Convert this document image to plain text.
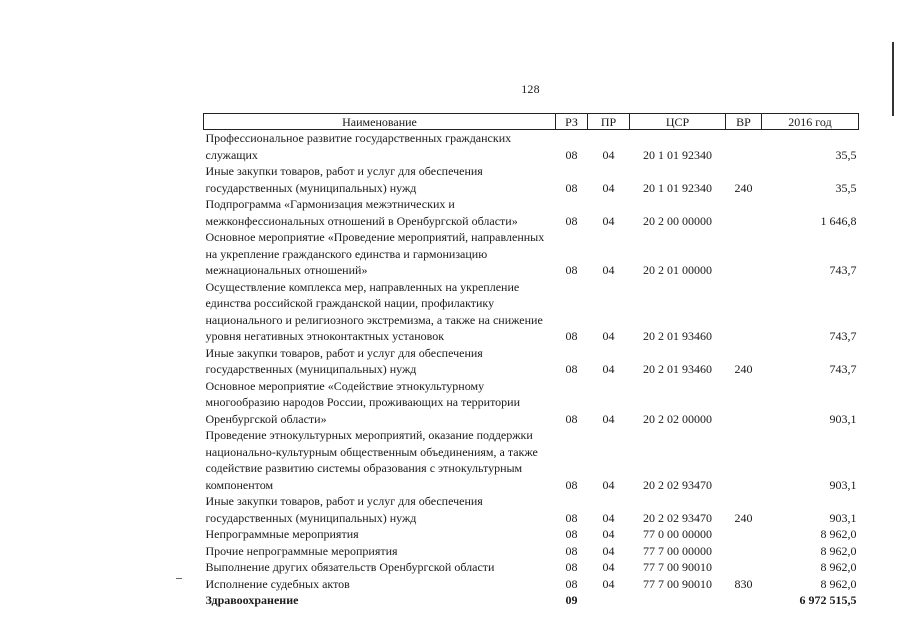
128
Наименование	РЗ	ПР	ЦСР	ВР	2016 год
Профессиональное развитие государственных гражданских служащих	08	04	20 1 01 92340		35,5
Иные закупки товаров, работ и услуг для обеспечения государственных (муниципальных) нужд	08	04	20 1 01 92340	240	35,5
Подпрограмма «Гармонизация межэтнических и межконфессиональных отношений в Оренбургской области»	08	04	20 2 00 00000		1 646,8
Основное мероприятие «Проведение мероприятий, направленных на укрепление гражданского единства и гармонизацию межнациональных отношений»	08	04	20 2 01 00000		743,7
Осуществление комплекса мер, направленных на укрепление единства российской гражданской нации, профилактику национального и религиозного экстремизма, а также на снижение уровня негативных этноконтактных установок	08	04	20 2 01 93460		743,7
Иные закупки товаров, работ и услуг для обеспечения государственных (муниципальных) нужд	08	04	20 2 01 93460	240	743,7
Основное мероприятие «Содействие этнокультурному многообразию народов России, проживающих на территории Оренбургской области»	08	04	20 2 02 00000		903,1
Проведение этнокультурных мероприятий, оказание поддержки национально-культурным общественным объединениям, а также содействие развитию системы образования с этнокультурным компонентом	08	04	20 2 02 93470		903,1
Иные закупки товаров, работ и услуг для обеспечения государственных (муниципальных) нужд	08	04	20 2 02 93470	240	903,1
Непрограммные мероприятия	08	04	77 0 00 00000		8 962,0
Прочие непрограммные мероприятия	08	04	77 7 00 00000		8 962,0
Выполнение других обязательств Оренбургской области	08	04	77 7 00 90010		8 962,0
Исполнение судебных актов	08	04	77 7 00 90010	830	8 962,0
Здравоохранение	09				6 972 515,5
